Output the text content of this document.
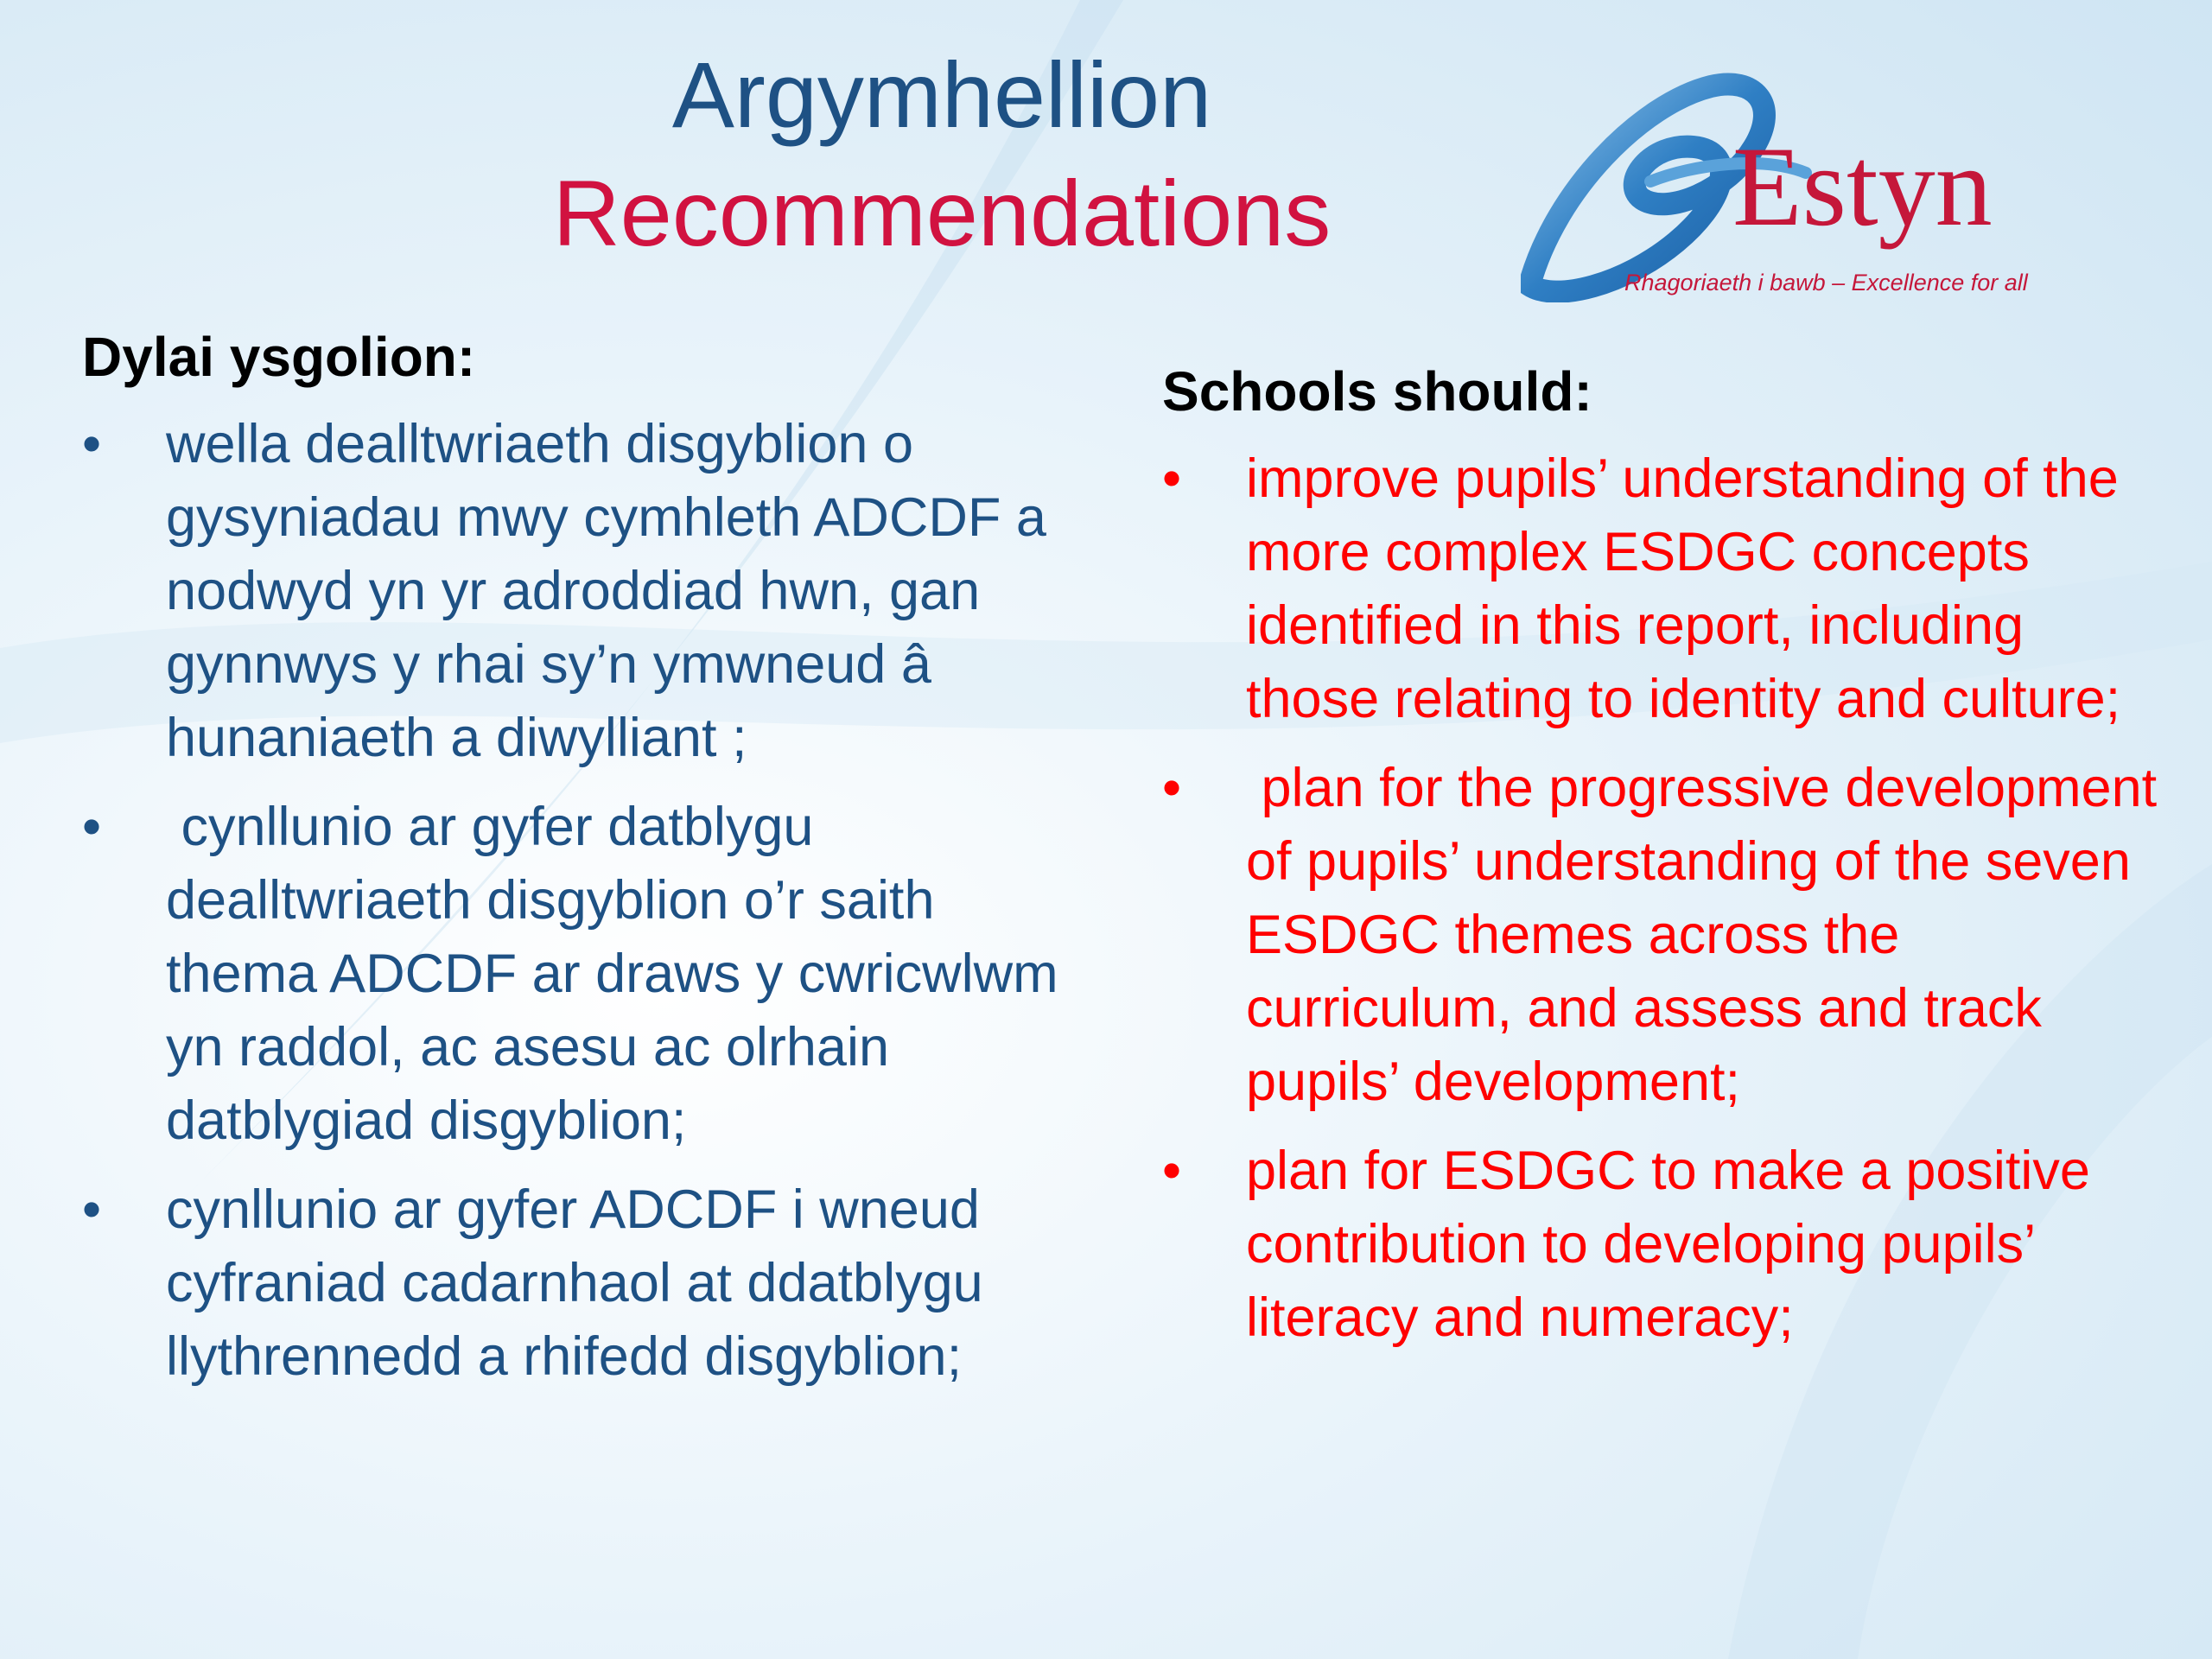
Argymhellion
Recommendations	Estyn
Rhagoriaeth i bawb – Excellence for all
Dylai ysgolion:
• wella dealltwriaeth disgyblion o gysyniadau mwy cymhleth ADCDF a nodwyd yn yr adroddiad hwn, gan gynnwys y rhai sy’n ymwneud â hunaniaeth a diwylliant ;
• cynllunio ar gyfer datblygu dealltwriaeth disgyblion o’r saith thema ADCDF ar draws y cwricwlwm yn raddol, ac asesu ac olrhain datblygiad disgyblion;
• cynllunio ar gyfer ADCDF i wneud cyfraniad cadarnhaol at ddatblygu llythrennedd a rhifedd disgyblion;
Schools should:
• improve pupils’ understanding of the more complex ESDGC concepts identified in this report, including those relating to identity and culture;
• plan for the progressive development of pupils’ understanding of the seven ESDGC themes across the curriculum, and assess and track pupils’ development;
• plan for ESDGC to make a positive contribution to developing pupils’ literacy and numeracy;
